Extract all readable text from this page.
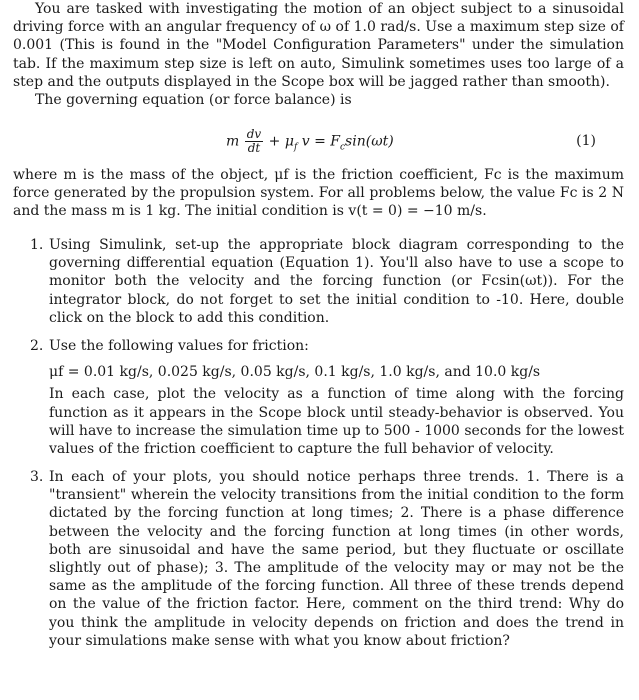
You are tasked with investigating the motion of an object subject to a sinusoidal driving force with an angular frequency of ω of 1.0 rad/s. Use a maximum step size of 0.001 (This is found in the "Model Configuration Parameters" under the simulation tab. If the maximum step size is left on auto, Simulink sometimes uses too large of a step and the outputs displayed in the Scope box will be jagged rather than smooth).

The governing equation (or force balance) is

m $\frac{dv}{dt} + \mu_f$ $v = F_c\sin(\omega t)$	(1)

where m is the mass of the object, μf is the friction coefficient, Fc is the maximum force generated by the propulsion system. For all problems below, the value Fc is 2 N and the mass m is 1 kg. The initial condition is v(t = 0) = −10 m/s.

1. Using Simulink, set-up the appropriate block diagram corresponding to the governing differential equation (Equation 1). You'll also have to use a scope to monitor both the velocity and the forcing function (or Fcsin(ωt)). For the integrator block, do not forget to set the initial condition to -10. Here, double click on the block to add this condition.
2. Use the following values for friction:
μf = 0.01 kg/s, 0.025 kg/s, 0.05 kg/s, 0.1 kg/s, 1.0 kg/s, and 10.0 kg/s
In each case, plot the velocity as a function of time along with the forcing function as it appears in the Scope block until steady-behavior is observed. You will have to increase the simulation time up to 500 - 1000 seconds for the lowest values of the friction coefficient to capture the full behavior of velocity.
3. In each of your plots, you should notice perhaps three trends. 1. There is a "transient" wherein the velocity transitions from the initial condition to the form dictated by the forcing function at long times; 2. There is a phase difference between the velocity and the forcing function at long times (in other words, both are sinusoidal and have the same period, but they fluctuate or oscillate slightly out of phase); 3. The amplitude of the velocity may or may not be the same as the amplitude of the forcing function. All three of these trends depend on the value of the friction factor. Here, comment on the third trend: Why do you think the amplitude in velocity depends on friction and does the trend in your simulations make sense with what you know about friction?
